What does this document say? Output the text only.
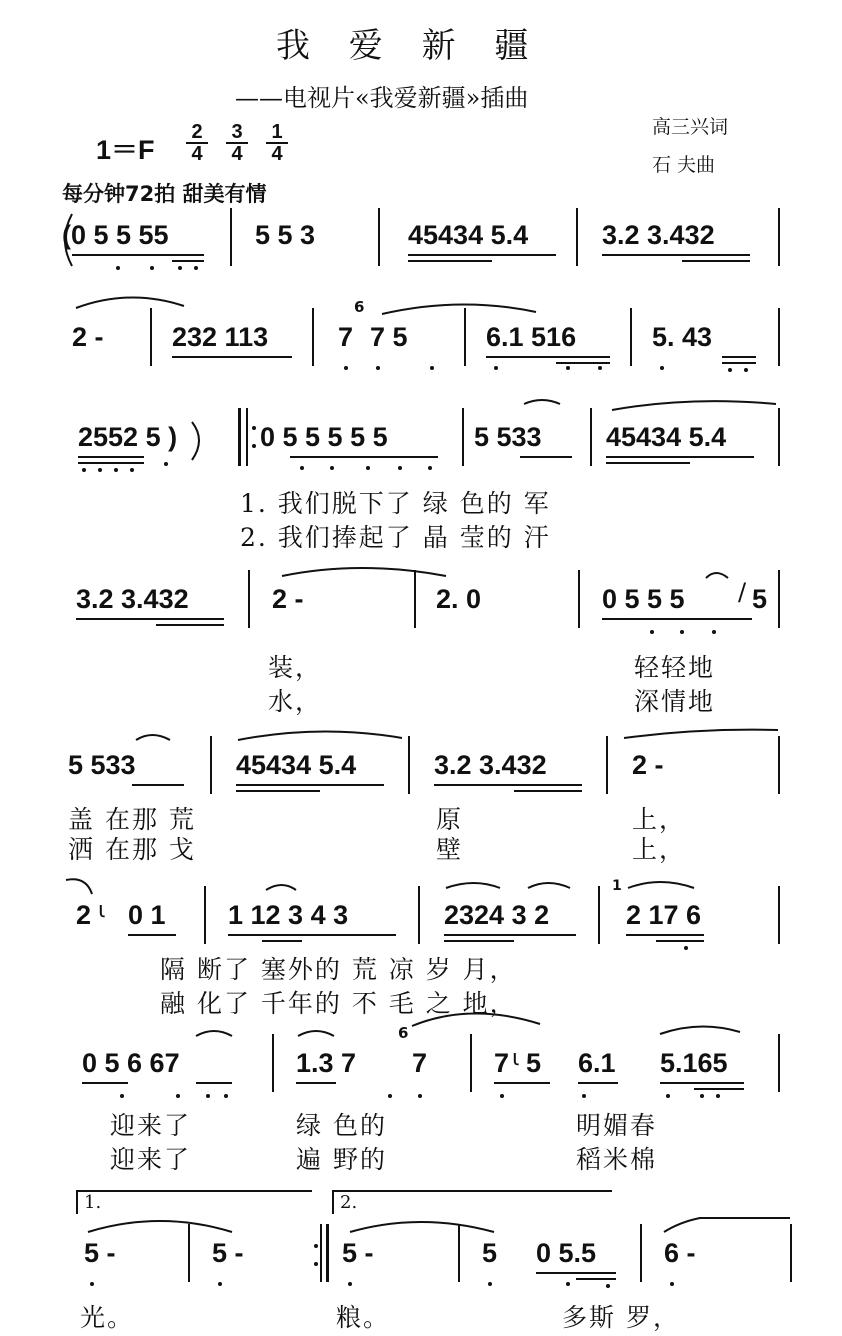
我 爱 新 疆
——电视片«我爱新疆»插曲
高三兴词
石 夫曲
1＝F
2
4
3
4
1
4
每分钟72拍 甜美有情
(0 5 5 55	5 5 3	45434 5.4	3.2 3.432
2 -	232 113	7
6
7 5	6.1 516	5. 43
2552 5 )	0 5 5 5 5 5	5 533 45434 5.4
1. 我们脱下了 绿 色的 军
2. 我们捧起了 晶 莹的 汗
3.2 3.432	2 -	2. 0	0 5 5 5 / 5
装，
水，
轻轻地
深情地
5 533	45434 5.4	3.2 3.432	2 -
盖 在那 荒	原	上，
洒 在那 戈	壁	上，
2 ι 0 1 1 12 3 4 3	2324 3 2
1
2 17 6
隔 断了 塞外的 荒 凉 岁 月，
融 化了 千年的 不 毛 之 地，
0 5 6 67	1.3 7
6
7 7 ι 5 6.1 5.165
迎来了	绿 色的	明媚春
迎来了	遍 野的	稻米棉
1.	2.
5 -	5 -	5 -	5 0 5.5	6 -
光。	粮。	多斯 罗，
